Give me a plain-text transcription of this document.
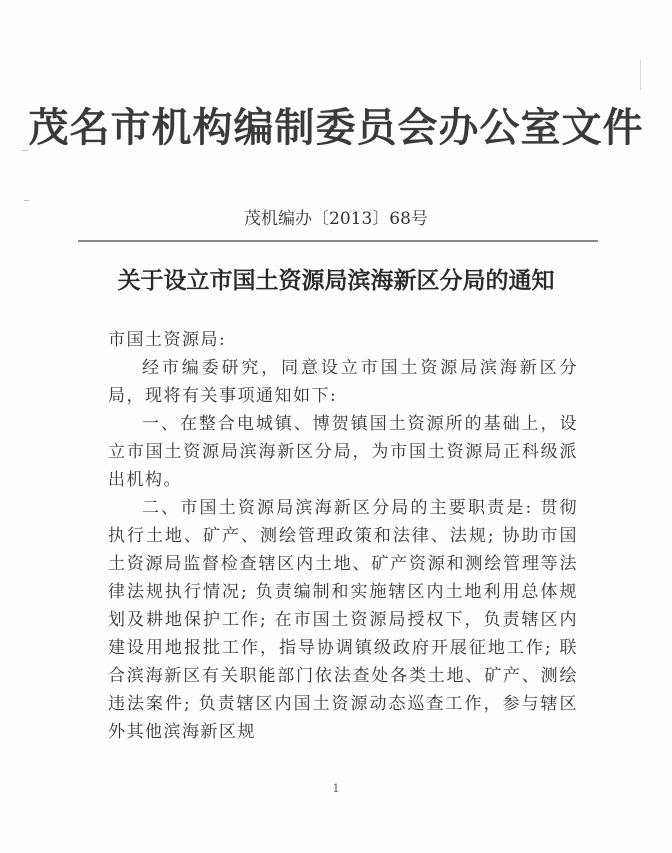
茂名市机构编制委员会办公室文件
茂机编办〔2013〕68号
关于设立市国土资源局滨海新区分局的通知

市国土资源局:

经市编委研究，同意设立市国土资源局滨海新区分局，现将有关事项通知如下:

一、在整合电城镇、博贺镇国土资源所的基础上，设立市国土资源局滨海新区分局，为市国土资源局正科级派出机构。

二、市国土资源局滨海新区分局的主要职责是: 贯彻执行土地、矿产、测绘管理政策和法律、法规; 协助市国土资源局监督检查辖区内土地、矿产资源和测绘管理等法律法规执行情况; 负责编制和实施辖区内土地利用总体规划及耕地保护工作; 在市国土资源局授权下，负责辖区内建设用地报批工作，指导协调镇级政府开展征地工作; 联合滨海新区有关职能部门依法查处各类土地、矿产、测绘违法案件; 负责辖区内国土资源动态巡查工作，参与辖区外其他滨海新区规

1
